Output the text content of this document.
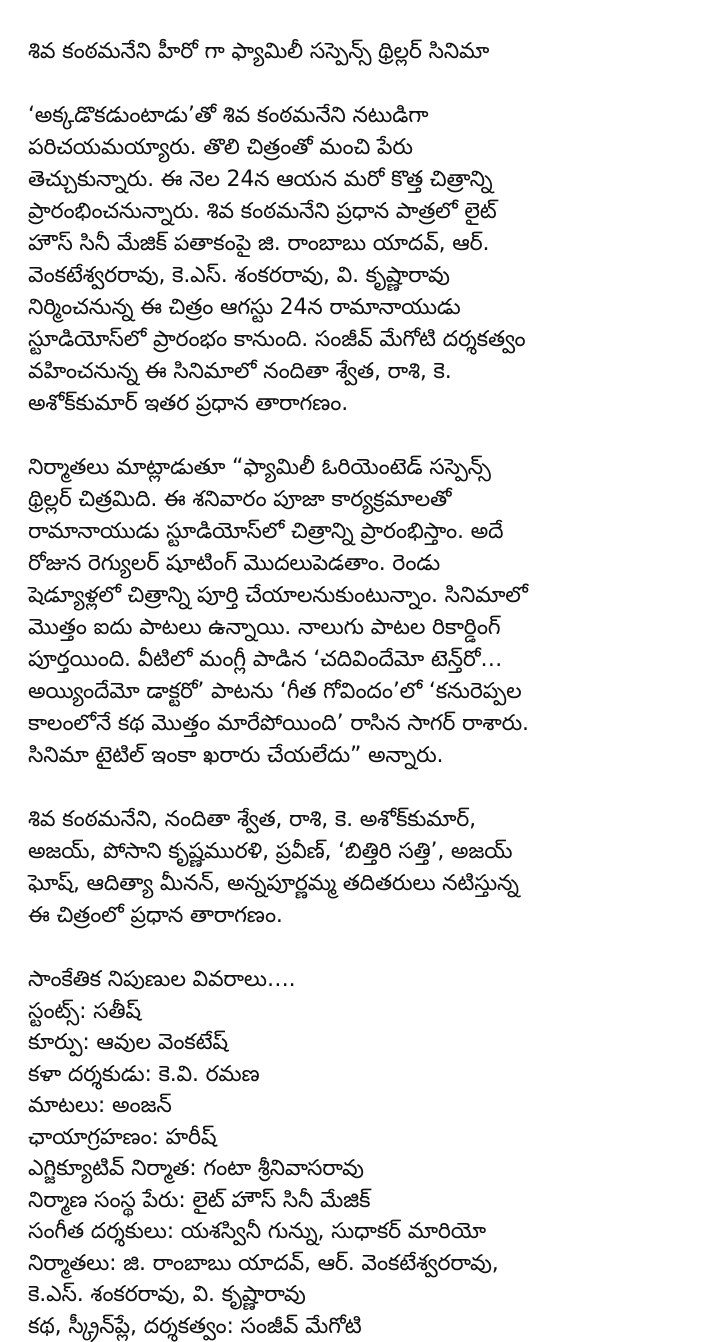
శివ కంఠమనేని హీరో గా ఫ్యామిలీ సస్పెన్స్ థ్రిల్లర్ సినిమా
‘అక్కడొకడుంటాడు’తో శివ కంఠమనేని నటుడిగా
పరిచయమయ్యారు. తొలి చిత్రంతో మంచి పేరు
తెచ్చుకున్నారు. ఈ నెల 24న ఆయన మరో కొత్త చిత్రాన్ని
ప్రారంభించనున్నారు. శివ కంఠమనేని ప్రధాన పాత్రలో లైట్
హౌస్ సినీ మేజిక్ పతాకంపై జి. రాంబాబు యాదవ్, ఆర్.
వెంకటేశ్వరరావు, కె.ఎస్. శంకరరావు, వి. కృష్ణారావు
నిర్మించనున్న ఈ చిత్రం ఆగస్టు 24న రామానాయుడు
స్టూడియోస్‌లో ప్రారంభం కానుంది. సంజీవ్ మేగోటి దర్శకత్వం
వహించనున్న ఈ సినిమాలో నందితా శ్వేత, రాశి, కె.
అశోక్‌కుమార్ ఇతర ప్రధాన తారాగణం.
నిర్మాతలు మాట్లాడుతూ “ఫ్యామిలీ ఓరియెంటెడ్ సస్పెన్స్
థ్రిల్లర్ చిత్రమిది. ఈ శనివారం పూజా కార్యక్రమాలతో
రామానాయుడు స్టూడియోస్‌లో చిత్రాన్ని ప్రారంభిస్తాం. అదే
రోజున రెగ్యులర్ షూటింగ్ మొదలుపెడతాం. రెండు
షెడ్యూళ్లలో చిత్రాన్ని పూర్తి చేయాలనుకుంటున్నాం. సినిమాలో
మొత్తం ఐదు పాటలు ఉన్నాయి. నాలుగు పాటల రికార్డింగ్
పూర్తయింది. వీటిలో మంగ్లీ పాడిన ‘చదివిందేమో టెన్త్‌రో…
అయ్యిందేమో డాక్టరో’ పాటను ‘గీత గోవిందం’లో ‘కనురెప్పల
కాలంలోనే కథ మొత్తం మారేపోయింది’ రాసిన సాగర్ రాశారు.
సినిమా టైటిల్ ఇంకా ఖరారు చేయలేదు” అన్నారు.
శివ కంఠమనేని, నందితా శ్వేత, రాశి, కె. అశోక్‌కుమార్,
అజయ్, పోసాని కృష్ణమురళి, ప్రవీణ్, ‘బిత్తిరి సత్తి’, అజయ్
ఘోష్, ఆదిత్యా మీనన్, అన్నపూర్ణమ్మ తదితరులు నటిస్తున్న
ఈ చిత్రంలో ప్రధాన తారాగణం.
సాంకేతిక నిపుణుల వివరాలు….
స్టంట్స్: సతీష్
కూర్పు: ఆవుల వెంకటేష్
కళా దర్శకుడు: కె.వి. రమణ
మాటలు: అంజన్
ఛాయాగ్రహణం: హరీష్
ఎగ్జిక్యూటివ్ నిర్మాత: గంటా శ్రీనివాసరావు
నిర్మాణ సంస్థ పేరు: లైట్ హౌస్ సినీ మేజిక్
సంగీత దర్శకులు: యశస్వినీ గున్ను, సుధాకర్ మారియో
నిర్మాతలు: జి. రాంబాబు యాదవ్, ఆర్. వెంకటేశ్వరరావు,
కె.ఎస్. శంకరరావు, వి. కృష్ణారావు
కథ, స్క్రీన్‌ప్లే, దర్శకత్వం: సంజీవ్ మేగోటి
